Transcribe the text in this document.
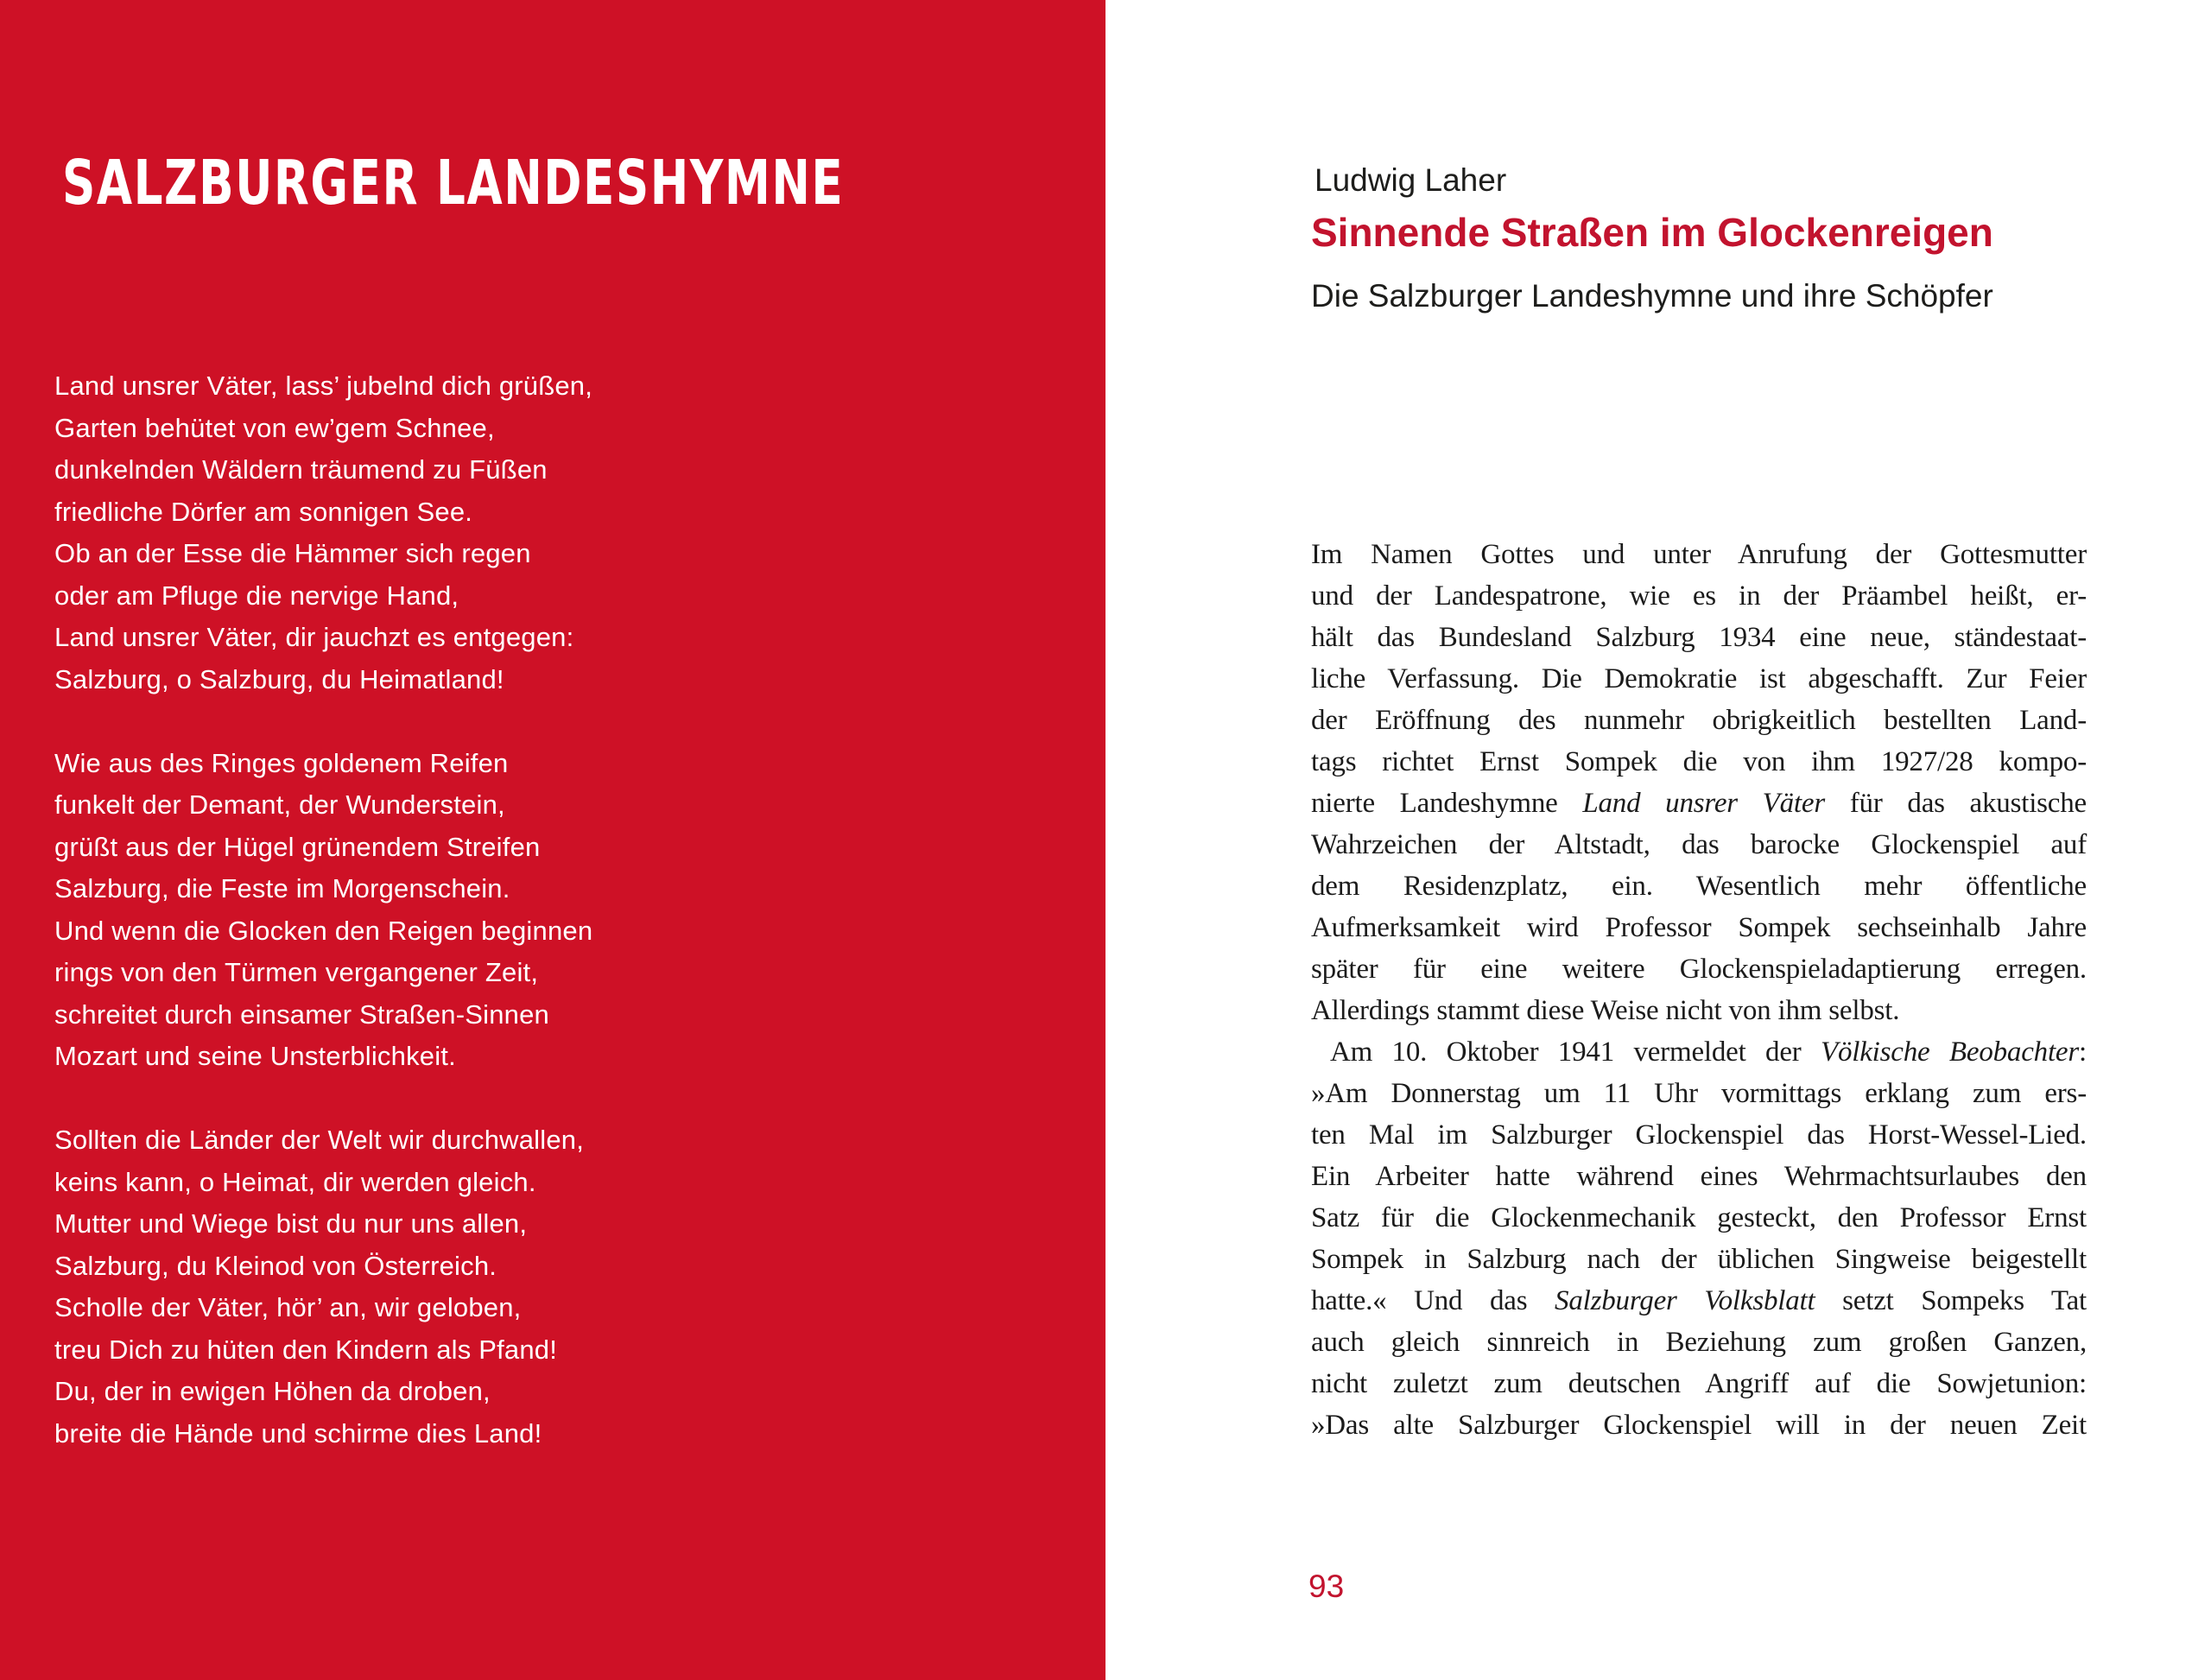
SALZBURGER LANDESHYMNE
Land unsrer Väter, lass’ jubelnd dich grüßen,
Garten behütet von ew’gem Schnee,
dunkelnden Wäldern träumend zu Füßen
friedliche Dörfer am sonnigen See.
Ob an der Esse die Hämmer sich regen
oder am Pfluge die nervige Hand,
Land unsrer Väter, dir jauchzt es entgegen:
Salzburg, o Salzburg, du Heimatland!
Wie aus des Ringes goldenem Reifen
funkelt der Demant, der Wunderstein,
grüßt aus der Hügel grünendem Streifen
Salzburg, die Feste im Morgenschein.
Und wenn die Glocken den Reigen beginnen
rings von den Türmen vergangener Zeit,
schreitet durch einsamer Straßen-Sinnen
Mozart und seine Unsterblichkeit.
Sollten die Länder der Welt wir durchwallen,
keins kann, o Heimat, dir werden gleich.
Mutter und Wiege bist du nur uns allen,
Salzburg, du Kleinod von Österreich.
Scholle der Väter, hör’ an, wir geloben,
treu Dich zu hüten den Kindern als Pfand!
Du, der in ewigen Höhen da droben,
breite die Hände und schirme dies Land!
Ludwig Laher
Sinnende Straßen im Glockenreigen
Die Salzburger Landeshymne und ihre Schöpfer
Im Namen Gottes und unter Anrufung der Gottesmutter
und der Landespatrone, wie es in der Präambel heißt, er-
hält das Bundesland Salzburg 1934 eine neue, ständestaat-
liche Verfassung. Die Demokratie ist abgeschafft. Zur Feier
der Eröffnung des nunmehr obrigkeitlich bestellten Land-
tags richtet Ernst Sompek die von ihm 1927/28 kompo-
nierte Landeshymne Land unsrer Väter für das akustische
Wahrzeichen der Altstadt, das barocke Glockenspiel auf
dem Residenzplatz, ein. Wesentlich mehr öffentliche
Aufmerksamkeit wird Professor Sompek sechseinhalb Jahre
später für eine weitere Glockenspieladaptierung erregen.
Allerdings stammt diese Weise nicht von ihm selbst.
Am 10. Oktober 1941 vermeldet der Völkische Beobachter:
»Am Donnerstag um 11 Uhr vormittags erklang zum ers-
ten Mal im Salzburger Glockenspiel das Horst-Wessel-Lied.
Ein Arbeiter hatte während eines Wehrmachtsurlaubes den
Satz für die Glockenmechanik gesteckt, den Professor Ernst
Sompek in Salzburg nach der üblichen Singweise beigestellt
hatte.« Und das Salzburger Volksblatt setzt Sompeks Tat
auch gleich sinnreich in Beziehung zum großen Ganzen,
nicht zuletzt zum deutschen Angriff auf die Sowjetunion:
»Das alte Salzburger Glockenspiel will in der neuen Zeit
93
